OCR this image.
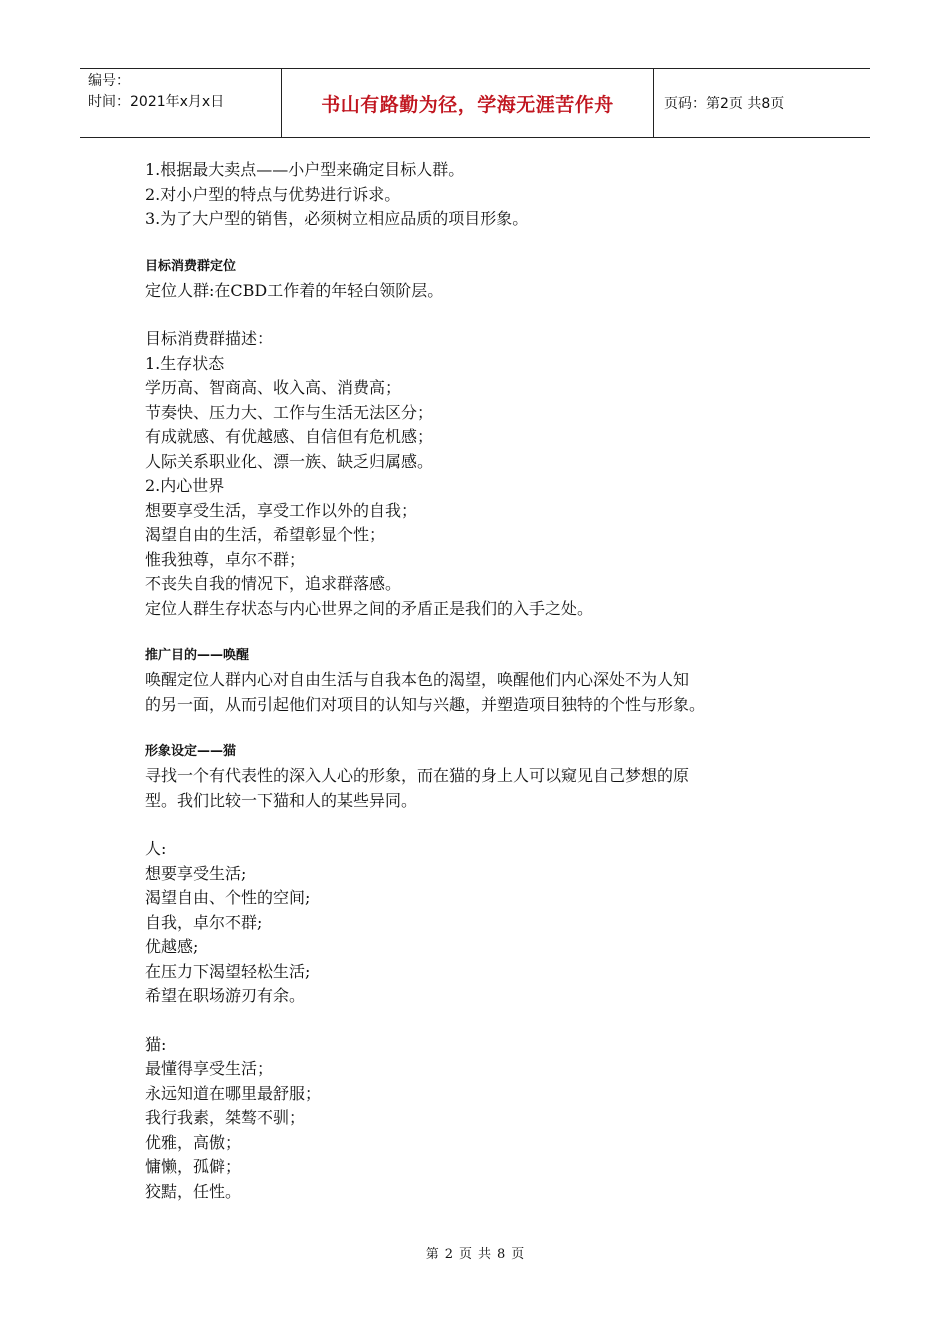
编号：
时间：2021年x月x日	书山有路勤为径，学海无涯苦作舟	页码：第2页 共8页
1.根据最大卖点——小户型来确定目标人群。
2.对小户型的特点与优势进行诉求。
3.为了大户型的销售，必须树立相应品质的项目形象。
目标消费群定位
定位人群:在CBD工作着的年轻白领阶层。
目标消费群描述：
1.生存状态
学历高、智商高、收入高、消费高；
节奏快、压力大、工作与生活无法区分；
有成就感、有优越感、自信但有危机感；
人际关系职业化、漂一族、缺乏归属感。
2.内心世界
想要享受生活，享受工作以外的自我；
渴望自由的生活，希望彰显个性；
惟我独尊，卓尔不群；
不丧失自我的情况下，追求群落感。
定位人群生存状态与内心世界之间的矛盾正是我们的入手之处。
推广目的——唤醒
唤醒定位人群内心对自由生活与自我本色的渴望，唤醒他们内心深处不为人知
的另一面，从而引起他们对项目的认知与兴趣，并塑造项目独特的个性与形象。
形象设定——猫
寻找一个有代表性的深入人心的形象，而在猫的身上人可以窥见自己梦想的原
型。我们比较一下猫和人的某些异同。
人:
想要享受生活;
渴望自由、个性的空间;
自我，卓尔不群;
优越感;
在压力下渴望轻松生活;
希望在职场游刃有余。
猫:
最懂得享受生活；
永远知道在哪里最舒服；
我行我素，桀骜不驯；
优雅，高傲；
慵懒，孤僻；
狡黠，任性。
第 2 页 共 8 页
